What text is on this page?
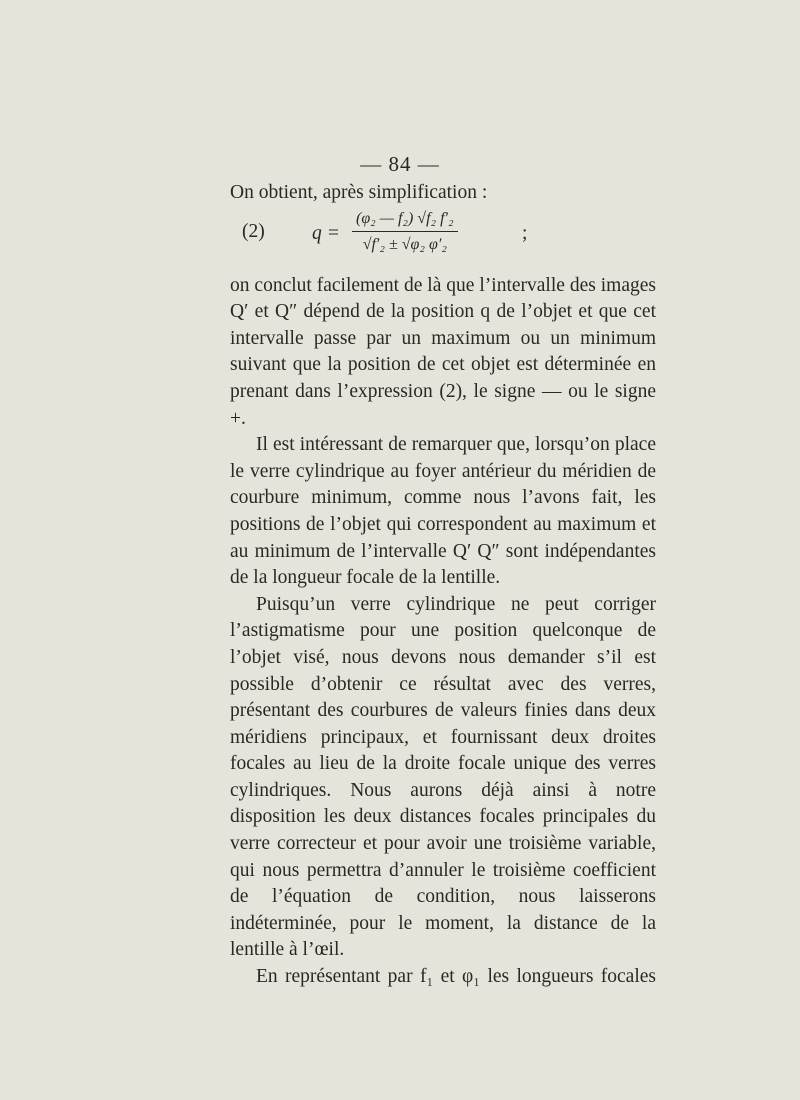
— 84 —

On obtient, après simplification :

(2) q =
(φ₂ — f₂) √f₂ f′₂
√f′₂ ± √φ₂ φ′₂
;

on conclut facilement de là que l’intervalle des images Q′ et Q″ dépend de la position q de l’objet et que cet intervalle passe par un maximum ou un minimum suivant que la position de cet objet est déterminée en prenant dans l’expression (2), le signe — ou le signe +.

Il est intéressant de remarquer que, lorsqu’on place le verre cylindrique au foyer antérieur du méridien de courbure minimum, comme nous l’avons fait, les positions de l’objet qui correspondent au maximum et au minimum de l’intervalle Q′ Q″ sont indépendantes de la longueur focale de la lentille.

Puisqu’un verre cylindrique ne peut corriger l’astigmatisme pour une position quelconque de l’objet visé, nous devons nous demander s’il est possible d’obtenir ce résultat avec des verres, présentant des courbures de valeurs finies dans deux méridiens principaux, et fournissant deux droites focales au lieu de la droite focale unique des verres cylindriques. Nous aurons déjà ainsi à notre disposition les deux distances focales principales du verre correcteur et pour avoir une troisième variable, qui nous permettra d’annuler le troisième coefficient de l’équation de condition, nous laisserons indéterminée, pour le moment, la distance de la lentille à l’œil.

En représentant par f₁ et φ₁ les longueurs focales
